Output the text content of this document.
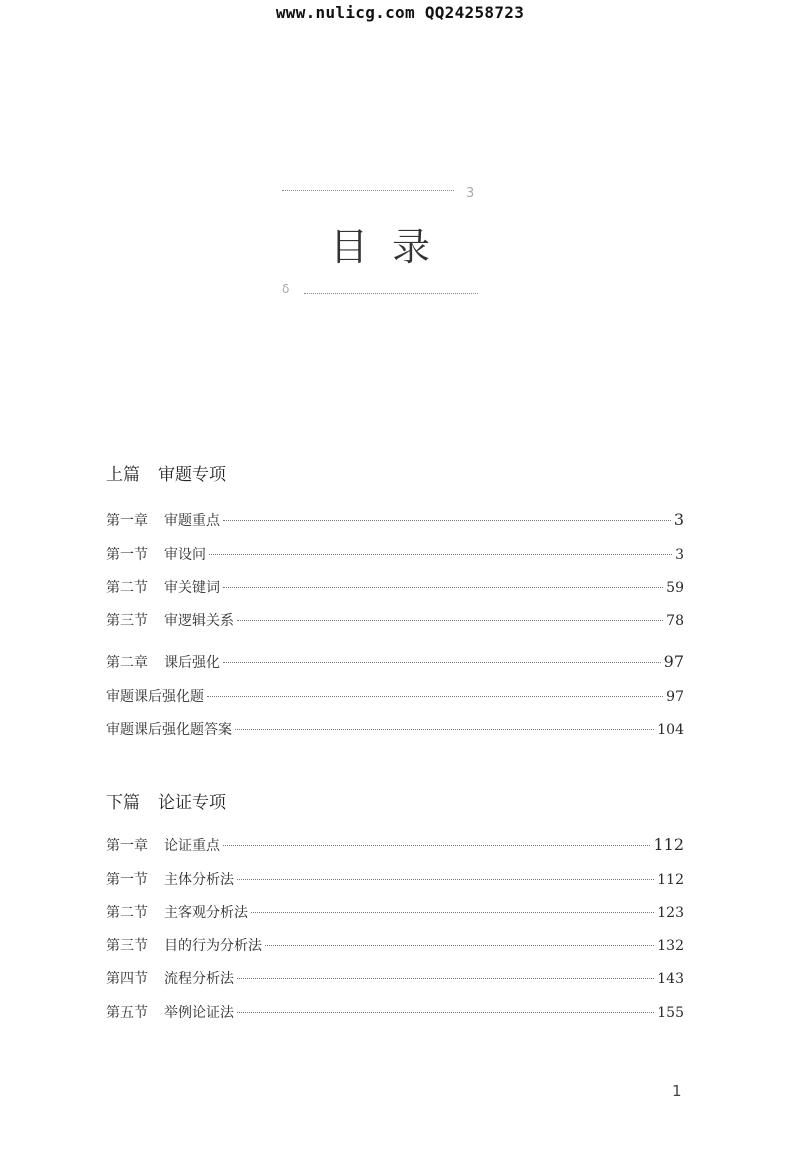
www.nulicg.com QQ24258723
3
目录
δ
上篇 审题专项
第一章 审题重点	3
第一节 审设问	3
第二节 审关键词	59
第三节 审逻辑关系	78
第二章 课后强化	97
审题课后强化题	97
审题课后强化题答案	104
下篇 论证专项
第一章 论证重点	112
第一节 主体分析法	112
第二节 主客观分析法	123
第三节 目的行为分析法	132
第四节 流程分析法	143
第五节 举例论证法	155
1
